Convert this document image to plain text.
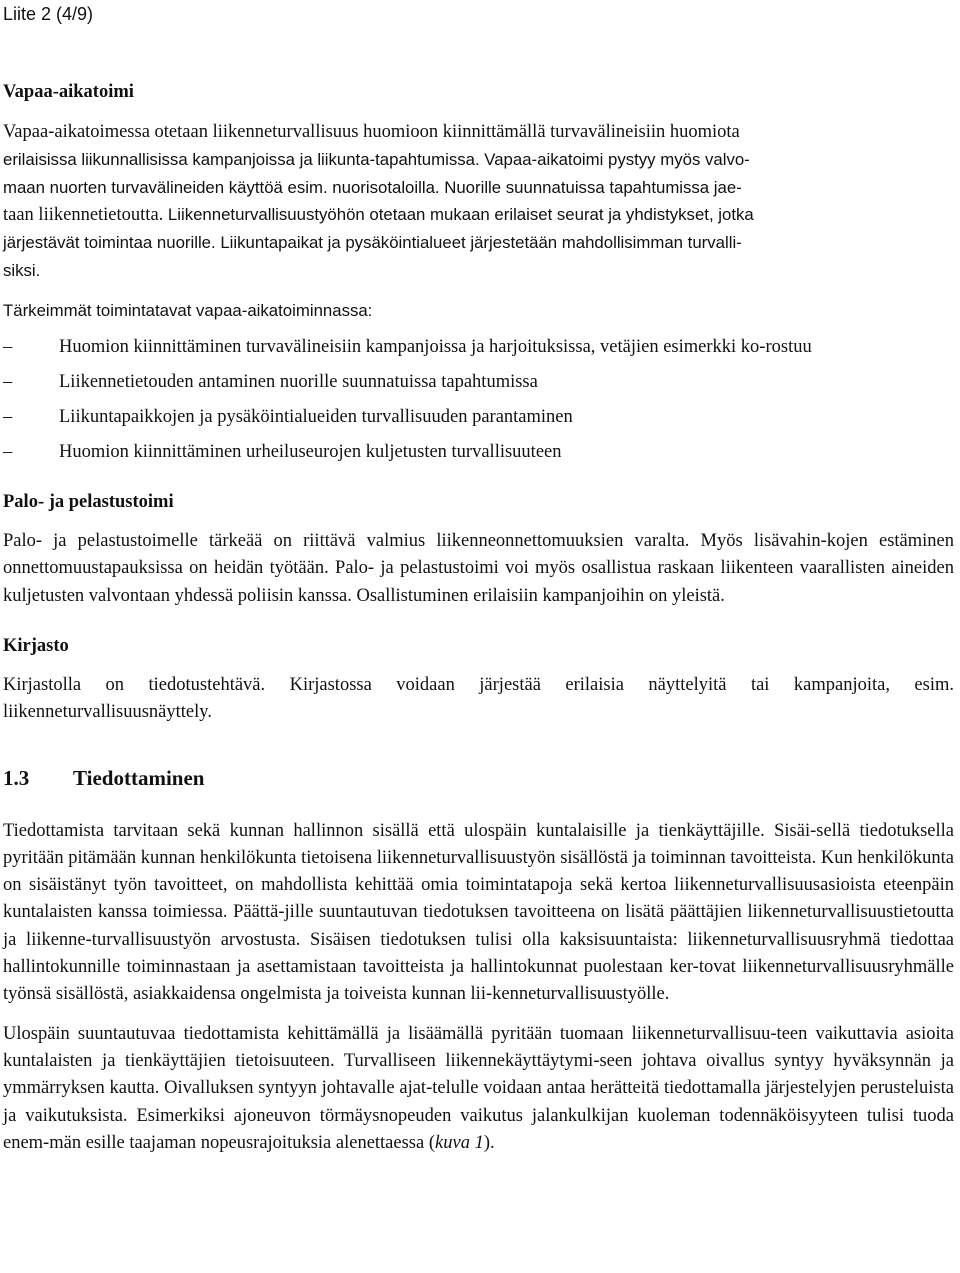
Liite 2 (4/9)
Vapaa-aikatoimi

Vapaa-aikatoimessa otetaan liikenneturvallisuus huomioon kiinnittämällä turvavälineisiin huomiota

erilaisissa liikunnallisissa kampanjoissa ja liikunta-tapahtumissa. Vapaa-aikatoimi pystyy myös valvo-

maan nuorten turvavälineiden käyttöä esim. nuorisotaloilla. Nuorille suunnatuissa tapahtumissa jae-

taan liikennetietoutta. Liikenneturvallisuustyöhön otetaan mukaan erilaiset seurat ja yhdistykset, jotka

järjestävät toimintaa nuorille. Liikuntapaikat ja pysäköintialueet järjestetään mahdollisimman turvalli-

siksi.

Tärkeimmät toimintatavat vapaa-aikatoiminnassa:

–	Huomion kiinnittäminen turvavälineisiin kampanjoissa ja harjoituksissa, vetäjien esimerkki ko-rostuu
–	Liikennetietouden antaminen nuorille suunnatuissa tapahtumissa
–	Liikuntapaikkojen ja pysäköintialueiden turvallisuuden parantaminen
–	Huomion kiinnittäminen urheiluseurojen kuljetusten turvallisuuteen
Palo- ja pelastustoimi

Palo- ja pelastustoimelle tärkeää on riittävä valmius liikenneonnettomuuksien varalta. Myös lisävahin-kojen estäminen onnettomuustapauksissa on heidän työtään. Palo- ja pelastustoimi voi myös osallistua raskaan liikenteen vaarallisten aineiden kuljetusten valvontaan yhdessä poliisin kanssa. Osallistuminen erilaisiin kampanjoihin on yleistä.

Kirjasto

Kirjastolla on tiedotustehtävä. Kirjastossa voidaan järjestää erilaisia näyttelyitä tai kampanjoita, esim. liikenneturvallisuusnäyttely.

1.3 Tiedottaminen

Tiedottamista tarvitaan sekä kunnan hallinnon sisällä että ulospäin kuntalaisille ja tienkäyttäjille. Sisäi-sellä tiedotuksella pyritään pitämään kunnan henkilökunta tietoisena liikenneturvallisuustyön sisällöstä ja toiminnan tavoitteista. Kun henkilökunta on sisäistänyt työn tavoitteet, on mahdollista kehittää omia toimintatapoja sekä kertoa liikenneturvallisuusasioista eteenpäin kuntalaisten kanssa toimiessa. Päättä-jille suuntautuvan tiedotuksen tavoitteena on lisätä päättäjien liikenneturvallisuustietoutta ja liikenne-turvallisuustyön arvostusta. Sisäisen tiedotuksen tulisi olla kaksisuuntaista: liikenneturvallisuusryhmä tiedottaa hallintokunnille toiminnastaan ja asettamistaan tavoitteista ja hallintokunnat puolestaan ker-tovat liikenneturvallisuusryhmälle työnsä sisällöstä, asiakkaidensa ongelmista ja toiveista kunnan lii-kenneturvallisuustyölle.

Ulospäin suuntautuvaa tiedottamista kehittämällä ja lisäämällä pyritään tuomaan liikenneturvallisuu-teen vaikuttavia asioita kuntalaisten ja tienkäyttäjien tietoisuuteen. Turvalliseen liikennekäyttäytymi-seen johtava oivallus syntyy hyväksynnän ja ymmärryksen kautta. Oivalluksen syntyyn johtavalle ajat-telulle voidaan antaa herätteitä tiedottamalla järjestelyjen perusteluista ja vaikutuksista. Esimerkiksi ajoneuvon törmäysnopeuden vaikutus jalankulkijan kuoleman todennäköisyyteen tulisi tuoda enem-män esille taajaman nopeusrajoituksia alenettaessa (kuva 1).
